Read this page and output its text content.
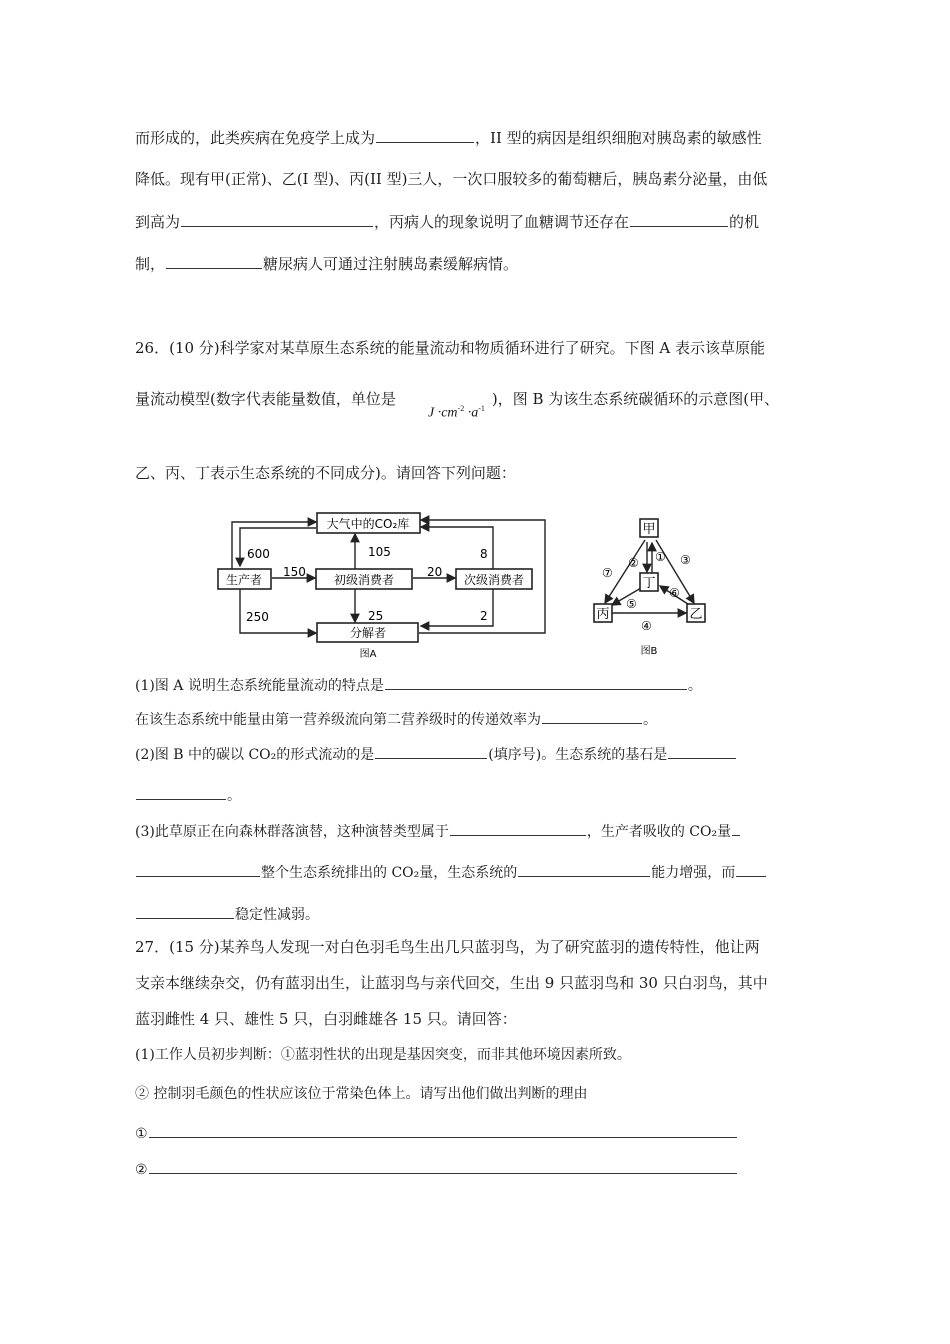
而形成的，此类疾病在免疫学上成为	，II 型的病因是组织细胞对胰岛素的敏感性
降低。现有甲(正常)、乙(I 型)、丙(II 型)三人，一次口服较多的葡萄糖后，胰岛素分泌量，由低
到高为	，丙病人的现象说明了血糖调节还存在	的机
制，	糖尿病人可通过注射胰岛素缓解病情。
26．(10 分)科学家对某草原生态系统的能量流动和物质循环进行了研究。下图 A 表示该草原能
量流动模型(数字代表能量数值，单位是	)，图 B 为该生态系统碳循环的示意图(甲、
$J \cdot cm^{-2} \cdot a^{-1}$
乙、丙、丁表示生态系统的不同成分)。请回答下列问题：
大气中的CO₂库
生产者	初级消费者	次级消费者
分解者
600	105	8
150	20
250	25	2
图A
甲
丁
丙	乙
①
②	③
④
⑤
⑥
⑦
图B
(1)图 A 说明生态系统能量流动的特点是	。
在该生态系统中能量由第一营养级流向第二营养级时的传递效率为	。
(2)图 B 中的碳以 CO₂的形式流动的是	(填序号)。生态系统的基石是
。
(3)此草原正在向森林群落演替，这种演替类型属于	，生产者吸收的 CO₂量
整个生态系统排出的 CO₂量，生态系统的	能力增强，而
稳定性减弱。
27．(15 分)某养鸟人发现一对白色羽毛鸟生出几只蓝羽鸟，为了研究蓝羽的遗传特性，他让两
支亲本继续杂交，仍有蓝羽出生，让蓝羽鸟与亲代回交，生出 9 只蓝羽鸟和 30 只白羽鸟，其中
蓝羽雌性 4 只、雄性 5 只，白羽雌雄各 15 只。请回答：
(1)工作人员初步判断：①蓝羽性状的出现是基因突变，而非其他环境因素所致。
② 控制羽毛颜色的性状应该位于常染色体上。请写出他们做出判断的理由
①
②
